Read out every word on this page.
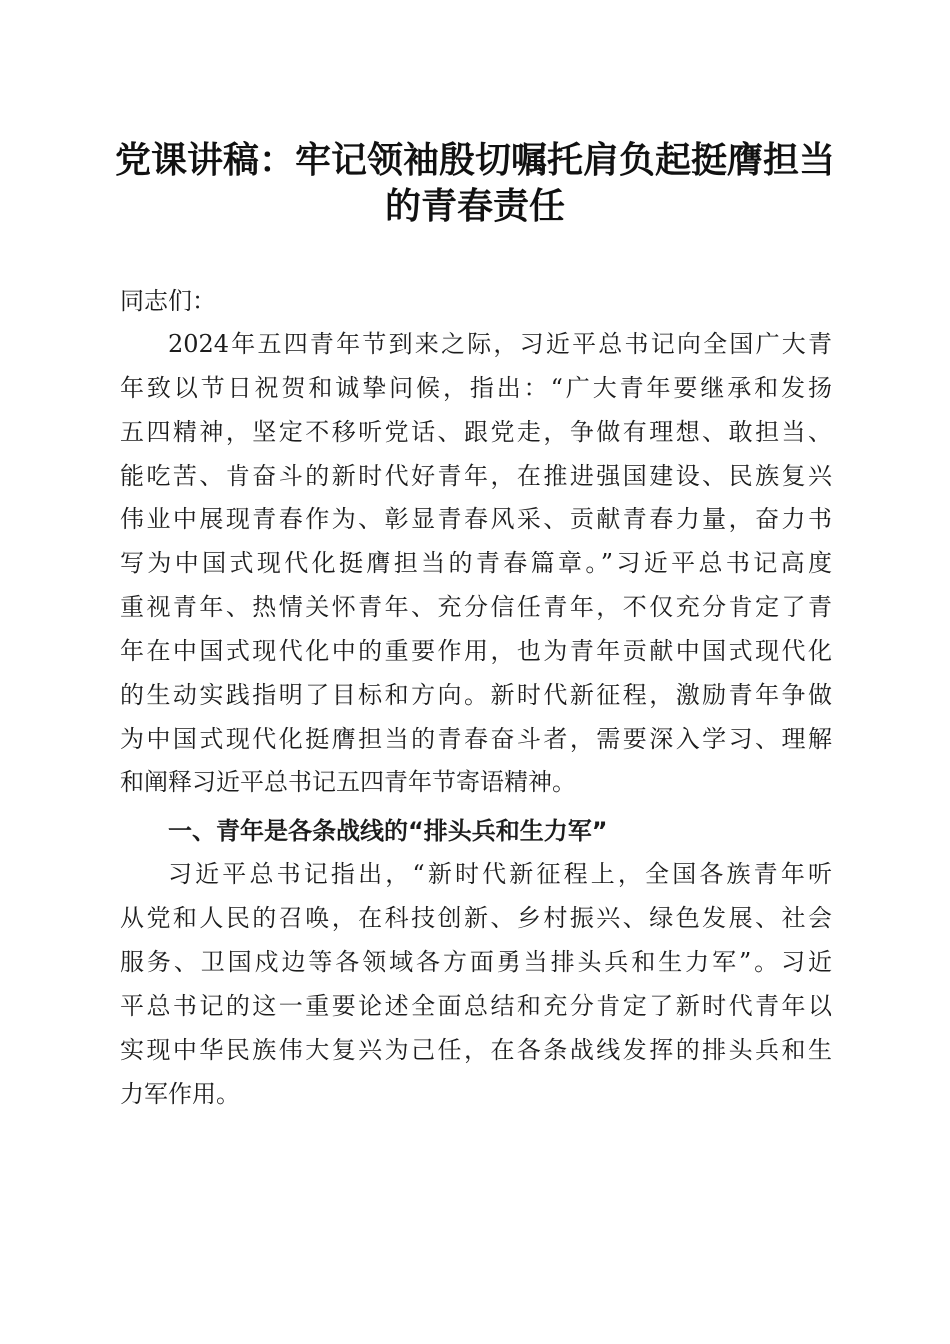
党课讲稿：牢记领袖殷切嘱托肩负起挺膺担当
的青春责任
同志们：
2024年五四青年节到来之际，习近平总书记向全国广大青
年致以节日祝贺和诚挚问候，指出：“广大青年要继承和发扬
五四精神，坚定不移听党话、跟党走，争做有理想、敢担当、
能吃苦、肯奋斗的新时代好青年，在推进强国建设、民族复兴
伟业中展现青春作为、彰显青春风采、贡献青春力量，奋力书
写为中国式现代化挺膺担当的青春篇章。”习近平总书记高度
重视青年、热情关怀青年、充分信任青年，不仅充分肯定了青
年在中国式现代化中的重要作用，也为青年贡献中国式现代化
的生动实践指明了目标和方向。新时代新征程，激励青年争做
为中国式现代化挺膺担当的青春奋斗者，需要深入学习、理解
和阐释习近平总书记五四青年节寄语精神。
一、青年是各条战线的“排头兵和生力军”
习近平总书记指出，“新时代新征程上，全国各族青年听
从党和人民的召唤，在科技创新、乡村振兴、绿色发展、社会
服务、卫国戍边等各领域各方面勇当排头兵和生力军”。习近
平总书记的这一重要论述全面总结和充分肯定了新时代青年以
实现中华民族伟大复兴为己任，在各条战线发挥的排头兵和生
力军作用。
